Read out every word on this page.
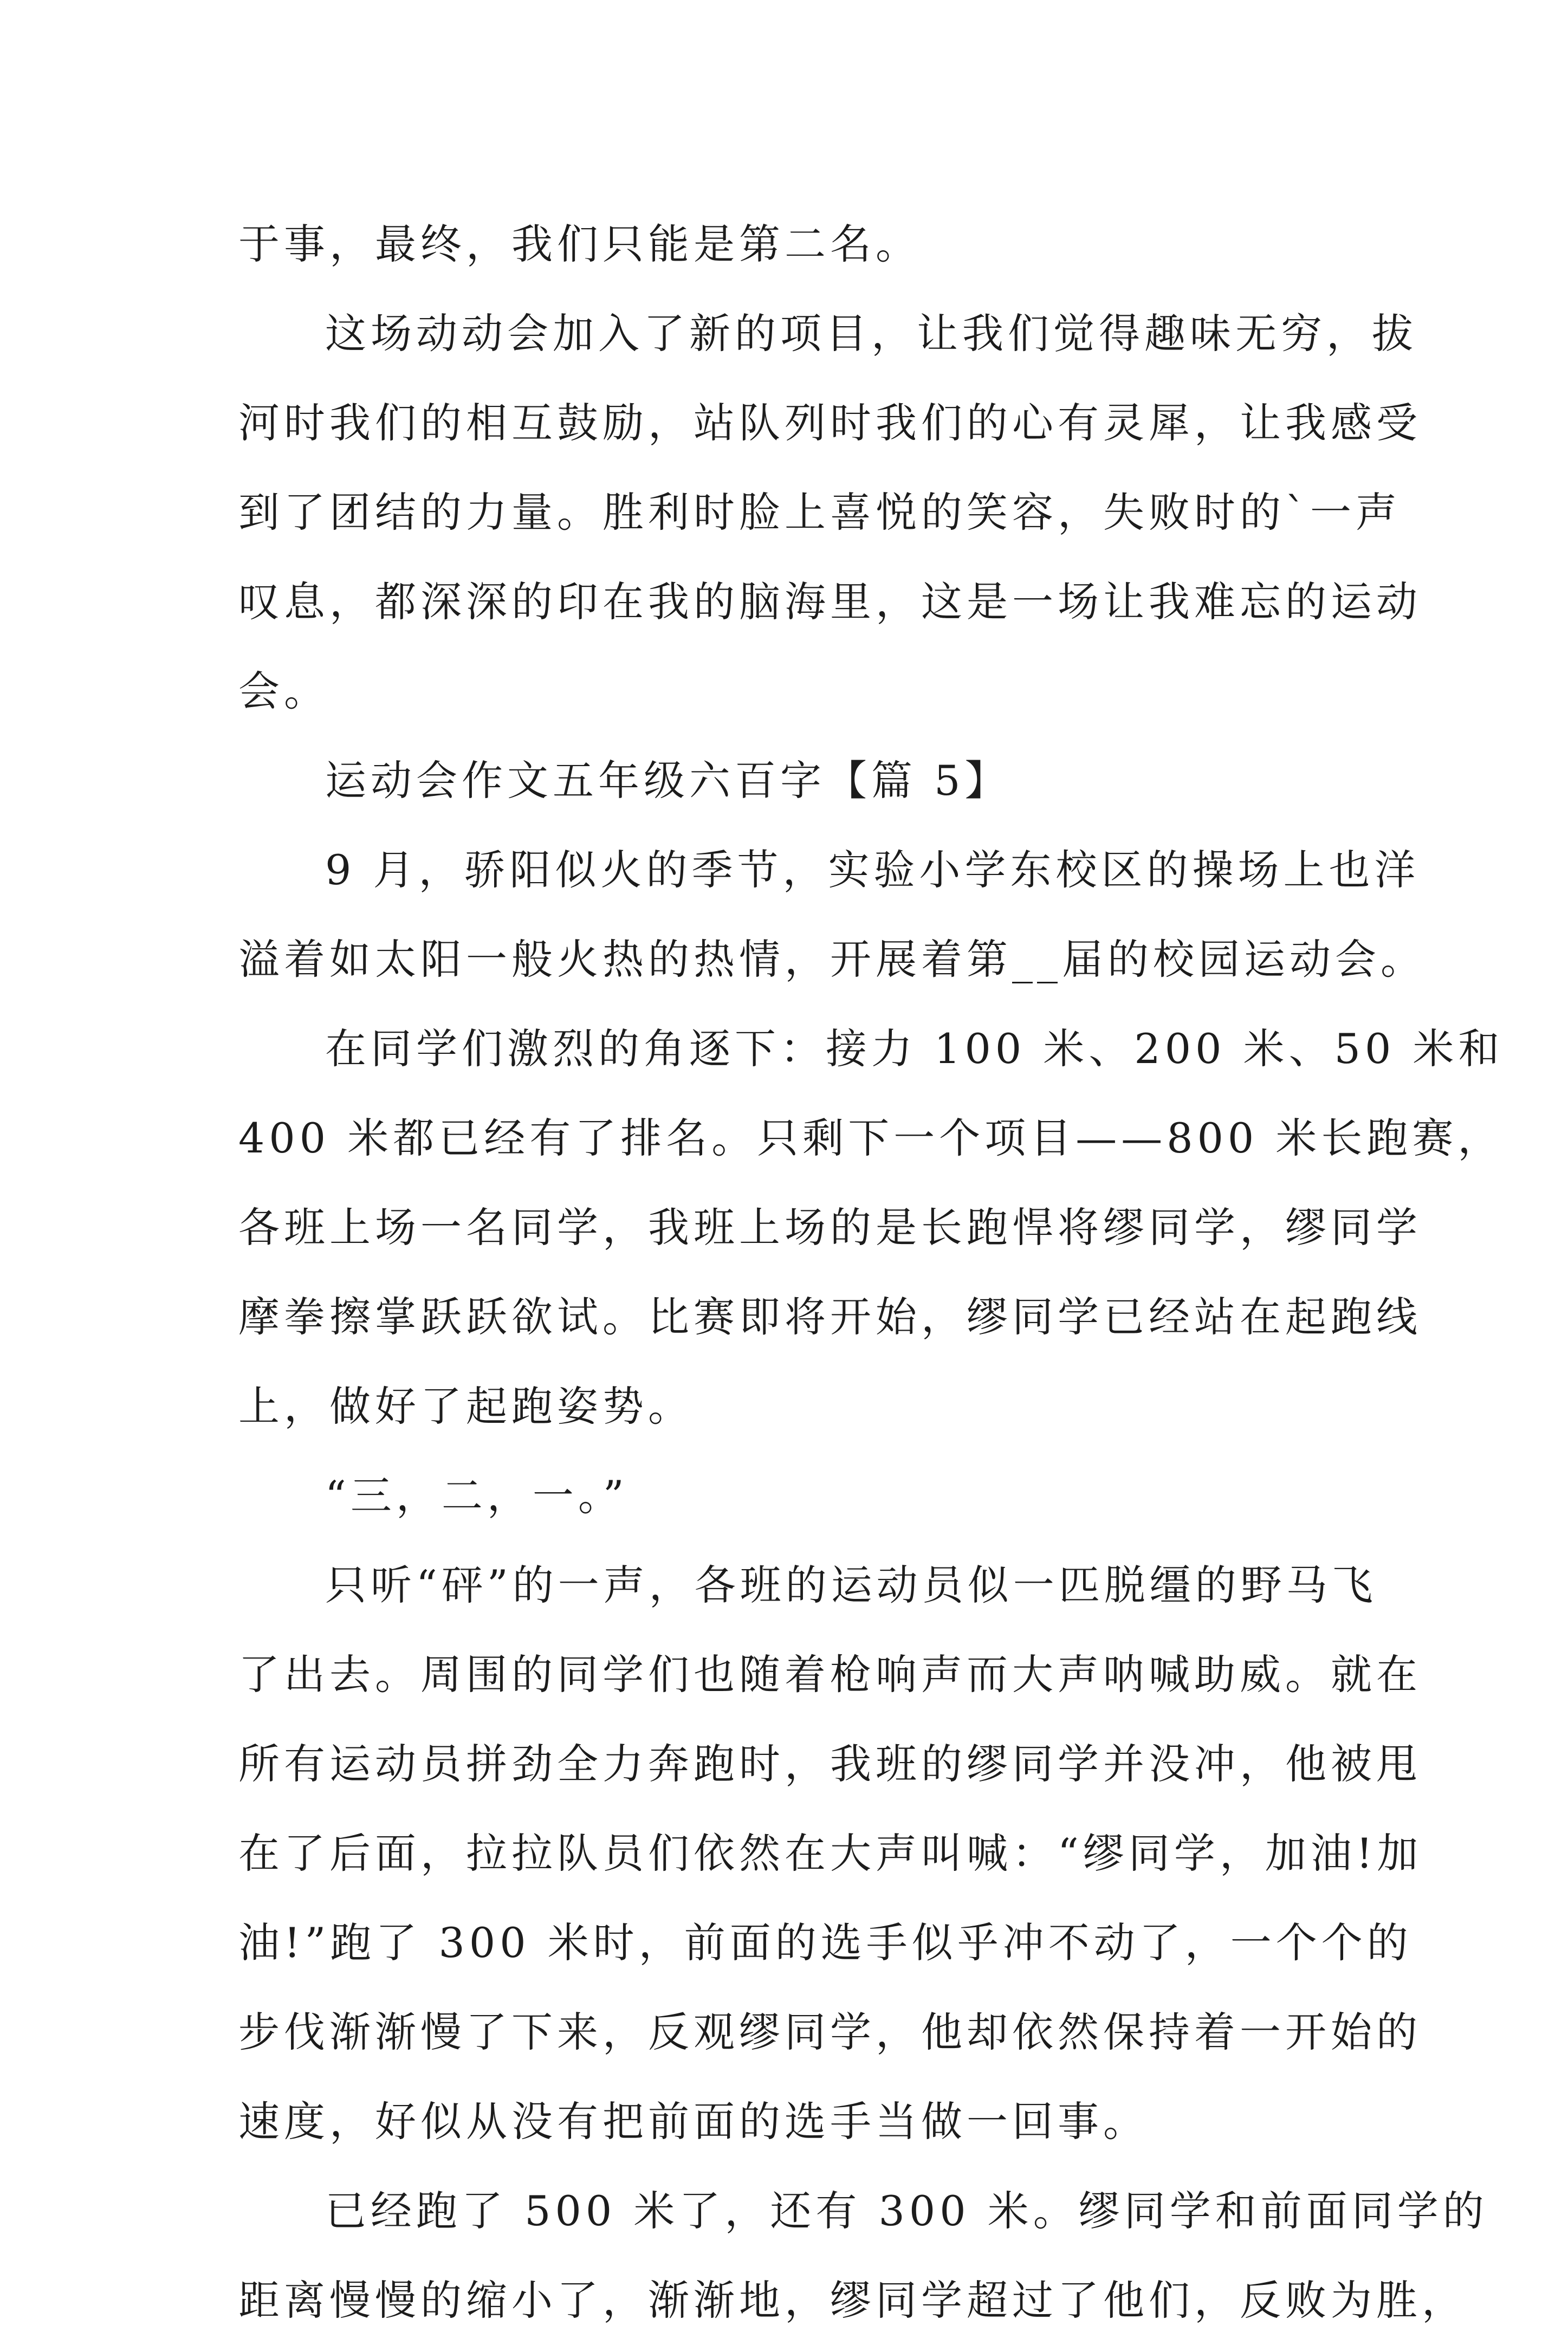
于事，最终，我们只能是第二名。
这场动动会加入了新的项目，让我们觉得趣味无穷，拔
河时我们的相互鼓励，站队列时我们的心有灵犀，让我感受
到了团结的力量。胜利时脸上喜悦的笑容，失败时的`一声
叹息，都深深的印在我的脑海里，这是一场让我难忘的运动
会。
运动会作文五年级六百字【篇 5】
9 月，骄阳似火的季节，实验小学东校区的操场上也洋
溢着如太阳一般火热的热情，开展着第__届的校园运动会。
在同学们激烈的角逐下：接力 100 米、200 米、50 米和
400 米都已经有了排名。只剩下一个项目——800 米长跑赛，
各班上场一名同学，我班上场的是长跑悍将缪同学，缪同学
摩拳擦掌跃跃欲试。比赛即将开始，缪同学已经站在起跑线
上，做好了起跑姿势。
“三，二，一。”
只听“砰”的一声，各班的运动员似一匹脱缰的野马飞
了出去。周围的同学们也随着枪响声而大声呐喊助威。就在
所有运动员拼劲全力奔跑时，我班的缪同学并没冲，他被甩
在了后面，拉拉队员们依然在大声叫喊：“缪同学，加油!加
油!”跑了 300 米时，前面的选手似乎冲不动了，一个个的
步伐渐渐慢了下来，反观缪同学，他却依然保持着一开始的
速度，好似从没有把前面的选手当做一回事。
已经跑了 500 米了，还有 300 米。缪同学和前面同学的
距离慢慢的缩小了，渐渐地，缪同学超过了他们，反败为胜，
